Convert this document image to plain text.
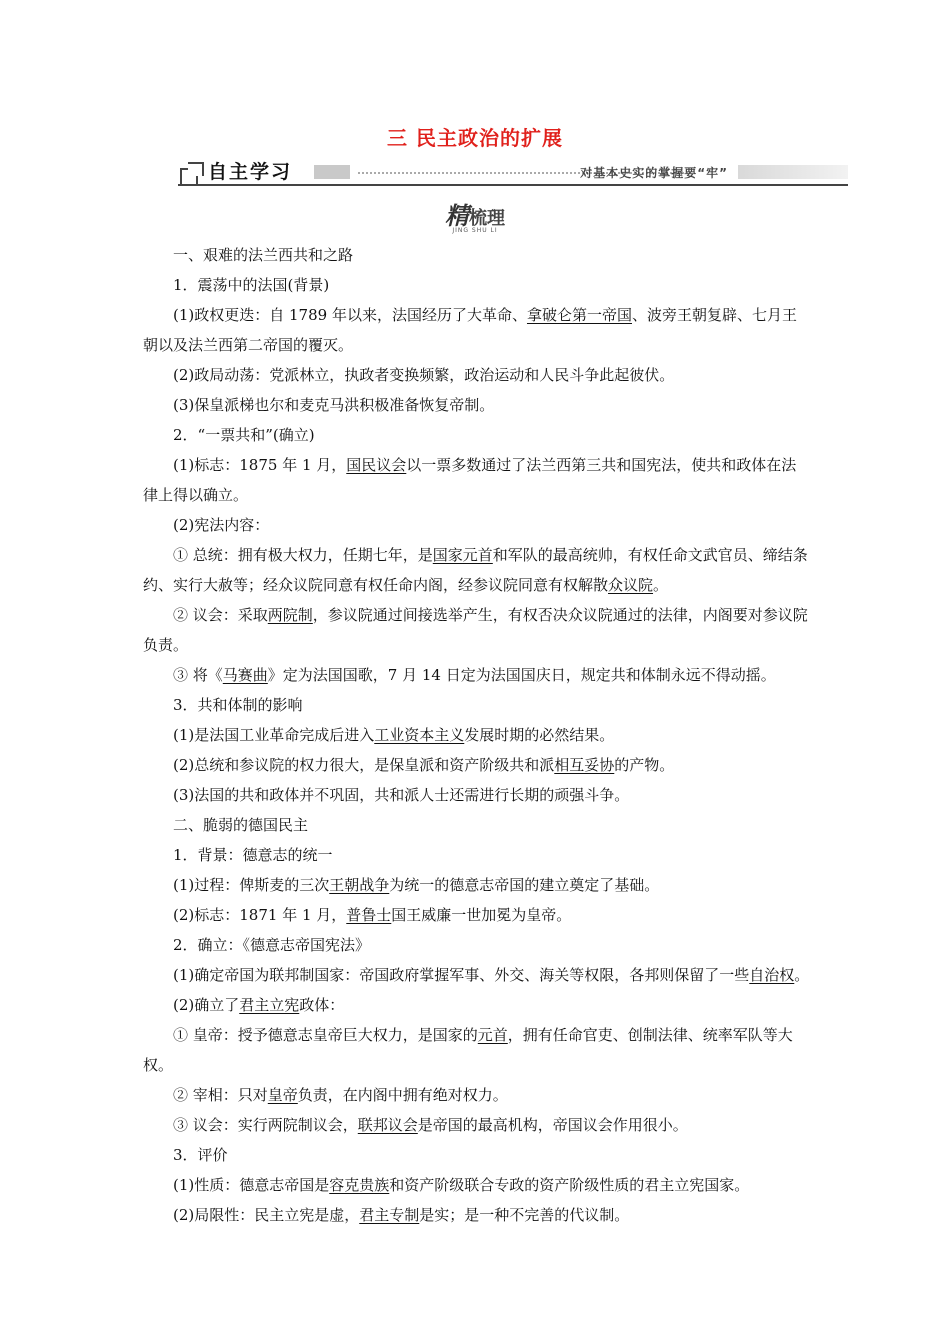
三 民主政治的扩展
自主学习	对基本史实的掌握要“牢”
精梳理
JING SHU LI

一、艰难的法兰西共和之路

1．震荡中的法国(背景)

(1)政权更迭：自 1789 年以来，法国经历了大革命、拿破仑第一帝国、波旁王朝复辟、七月王朝以及法兰西第二帝国的覆灭。

(2)政局动荡：党派林立，执政者变换频繁，政治运动和人民斗争此起彼伏。

(3)保皇派梯也尔和麦克马洪积极准备恢复帝制。

2．“一票共和”(确立)

(1)标志：1875 年 1 月，国民议会以一票多数通过了法兰西第三共和国宪法，使共和政体在法律上得以确立。

(2)宪法内容：

① 总统：拥有极大权力，任期七年，是国家元首和军队的最高统帅，有权任命文武官员、缔结条约、实行大赦等；经众议院同意有权任命内阁，经参议院同意有权解散众议院。

② 议会：采取两院制，参议院通过间接选举产生，有权否决众议院通过的法律，内阁要对参议院负责。

③ 将《马赛曲》定为法国国歌，7 月 14 日定为法国国庆日，规定共和体制永远不得动摇。

3．共和体制的影响

(1)是法国工业革命完成后进入工业资本主义发展时期的必然结果。

(2)总统和参议院的权力很大，是保皇派和资产阶级共和派相互妥协的产物。

(3)法国的共和政体并不巩固，共和派人士还需进行长期的顽强斗争。

二、脆弱的德国民主

1．背景：德意志的统一

(1)过程：俾斯麦的三次王朝战争为统一的德意志帝国的建立奠定了基础。

(2)标志：1871 年 1 月，普鲁士国王威廉一世加冕为皇帝。

2．确立：《德意志帝国宪法》

(1)确定帝国为联邦制国家：帝国政府掌握军事、外交、海关等权限，各邦则保留了一些自治权。

(2)确立了君主立宪政体：

① 皇帝：授予德意志皇帝巨大权力，是国家的元首，拥有任命官吏、创制法律、统率军队等大权。

② 宰相：只对皇帝负责，在内阁中拥有绝对权力。

③ 议会：实行两院制议会，联邦议会是帝国的最高机构，帝国议会作用很小。

3．评价

(1)性质：德意志帝国是容克贵族和资产阶级联合专政的资产阶级性质的君主立宪国家。

(2)局限性：民主立宪是虚，君主专制是实；是一种不完善的代议制。
